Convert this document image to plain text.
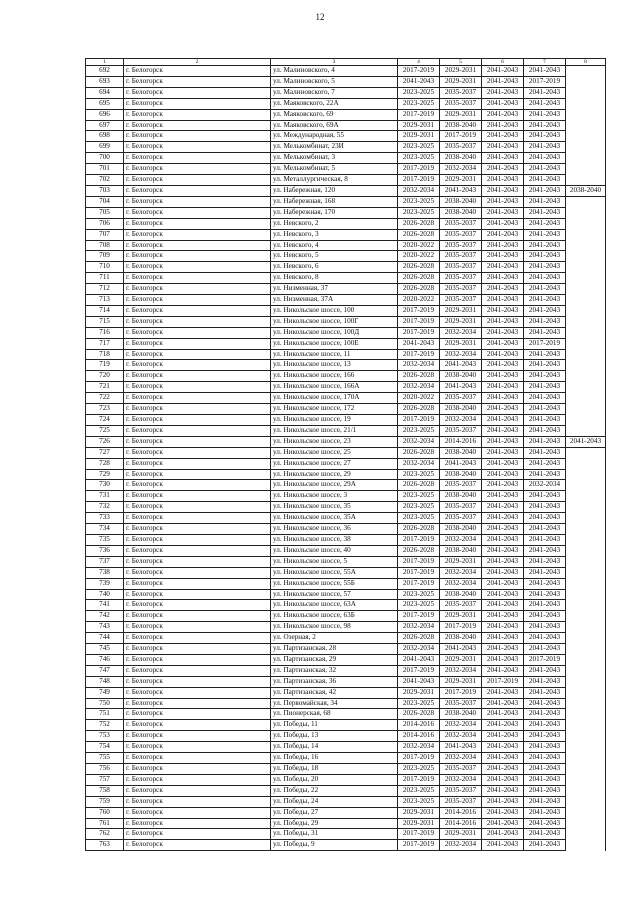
12
1	2	3	4	5	6	7	8
692	г. Белогорск	ул. Малиновского, 4	2017-2019	2029-2031	2041-2043	2041-2043	
693	г. Белогорск	ул. Малиновского, 5	2041-2043	2029-2031	2041-2043	2017-2019	
694	г. Белогорск	ул. Малиновского, 7	2023-2025	2035-2037	2041-2043	2041-2043	
695	г. Белогорск	ул. Маяковского, 22А	2023-2025	2035-2037	2041-2043	2041-2043	
696	г. Белогорск	ул. Маяковского, 69	2017-2019	2029-2031	2041-2043	2041-2043	
697	г. Белогорск	ул. Маяковского, 69А	2029-2031	2038-2040	2041-2043	2041-2043	
698	г. Белогорск	ул. Международная, 55	2029-2031	2017-2019	2041-2043	2041-2043	
699	г. Белогорск	ул. Мелькомбинат, 23И	2023-2025	2035-2037	2041-2043	2041-2043	
700	г. Белогорск	ул. Мелькомбинат, 3	2023-2025	2038-2040	2041-2043	2041-2043	
701	г. Белогорск	ул. Мелькомбинат, 5	2017-2019	2032-2034	2041-2043	2041-2043	
702	г. Белогорск	ул. Металлургическая, 8	2017-2019	2029-2031	2041-2043	2041-2043	
703	г. Белогорск	ул. Набережная, 120	2032-2034	2041-2043	2041-2043	2041-2043	2038-2040
704	г. Белогорск	ул. Набережная, 168	2023-2025	2038-2040	2041-2043	2041-2043	
705	г. Белогорск	ул. Набережная, 170	2023-2025	2038-2040	2041-2043	2041-2043	
706	г. Белогорск	ул. Невского, 2	2026-2028	2035-2037	2041-2043	2041-2043	
707	г. Белогорск	ул. Невского, 3	2026-2028	2035-2037	2041-2043	2041-2043	
708	г. Белогорск	ул. Невского, 4	2020-2022	2035-2037	2041-2043	2041-2043	
709	г. Белогорск	ул. Невского, 5	2020-2022	2035-2037	2041-2043	2041-2043	
710	г. Белогорск	ул. Невского, 6	2026-2028	2035-2037	2041-2043	2041-2043	
711	г. Белогорск	ул. Невского, 8	2026-2028	2035-2037	2041-2043	2041-2043	
712	г. Белогорск	ул. Низменная, 37	2026-2028	2035-2037	2041-2043	2041-2043	
713	г. Белогорск	ул. Низменная, 37А	2020-2022	2035-2037	2041-2043	2041-2043	
714	г. Белогорск	ул. Никольское шоссе, 100	2017-2019	2029-2031	2041-2043	2041-2043	
715	г. Белогорск	ул. Никольское шоссе, 100Г	2017-2019	2029-2031	2041-2043	2041-2043	
716	г. Белогорск	ул. Никольское шоссе, 100Д	2017-2019	2032-2034	2041-2043	2041-2043	
717	г. Белогорск	ул. Никольское шоссе, 100Е	2041-2043	2029-2031	2041-2043	2017-2019	
718	г. Белогорск	ул. Никольское шоссе, 11	2017-2019	2032-2034	2041-2043	2041-2043	
719	г. Белогорск	ул. Никольское шоссе, 13	2032-2034	2041-2043	2041-2043	2041-2043	
720	г. Белогорск	ул. Никольское шоссе, 166	2026-2028	2038-2040	2041-2043	2041-2043	
721	г. Белогорск	ул. Никольское шоссе, 166А	2032-2034	2041-2043	2041-2043	2041-2043	
722	г. Белогорск	ул. Никольское шоссе, 170А	2020-2022	2035-2037	2041-2043	2041-2043	
723	г. Белогорск	ул. Никольское шоссе, 172	2026-2028	2038-2040	2041-2043	2041-2043	
724	г. Белогорск	ул. Никольское шоссе, 19	2017-2019	2032-2034	2041-2043	2041-2043	
725	г. Белогорск	ул. Никольское шоссе, 21/1	2023-2025	2035-2037	2041-2043	2041-2043	
726	г. Белогорск	ул. Никольское шоссе, 23	2032-2034	2014-2016	2041-2043	2041-2043	2041-2043
727	г. Белогорск	ул. Никольское шоссе, 25	2026-2028	2038-2040	2041-2043	2041-2043	
728	г. Белогорск	ул. Никольское шоссе, 27	2032-2034	2041-2043	2041-2043	2041-2043	
729	г. Белогорск	ул. Никольское шоссе, 29	2023-2025	2038-2040	2041-2043	2041-2043	
730	г. Белогорск	ул. Никольское шоссе, 29А	2026-2028	2035-2037	2041-2043	2032-2034	
731	г. Белогорск	ул. Никольское шоссе, 3	2023-2025	2038-2040	2041-2043	2041-2043	
732	г. Белогорск	ул. Никольское шоссе, 35	2023-2025	2035-2037	2041-2043	2041-2043	
733	г. Белогорск	ул. Никольское шоссе, 35А	2023-2025	2035-2037	2041-2043	2041-2043	
734	г. Белогорск	ул. Никольское шоссе, 36	2026-2028	2038-2040	2041-2043	2041-2043	
735	г. Белогорск	ул. Никольское шоссе, 38	2017-2019	2032-2034	2041-2043	2041-2043	
736	г. Белогорск	ул. Никольское шоссе, 40	2026-2028	2038-2040	2041-2043	2041-2043	
737	г. Белогорск	ул. Никольское шоссе, 5	2017-2019	2029-2031	2041-2043	2041-2043	
738	г. Белогорск	ул. Никольское шоссе, 55А	2017-2019	2032-2034	2041-2043	2041-2043	
739	г. Белогорск	ул. Никольское шоссе, 55Б	2017-2019	2032-2034	2041-2043	2041-2043	
740	г. Белогорск	ул. Никольское шоссе, 57	2023-2025	2038-2040	2041-2043	2041-2043	
741	г. Белогорск	ул. Никольское шоссе, 63А	2023-2025	2035-2037	2041-2043	2041-2043	
742	г. Белогорск	ул. Никольское шоссе, 63Б	2017-2019	2029-2031	2041-2043	2041-2043	
743	г. Белогорск	ул. Никольское шоссе, 98	2032-2034	2017-2019	2041-2043	2041-2043	
744	г. Белогорск	ул. Озерная, 2	2026-2028	2038-2040	2041-2043	2041-2043	
745	г. Белогорск	ул. Партизанская, 28	2032-2034	2041-2043	2041-2043	2041-2043	
746	г. Белогорск	ул. Партизанская, 29	2041-2043	2029-2031	2041-2043	2017-2019	
747	г. Белогорск	ул. Партизанская, 32	2017-2019	2032-2034	2041-2043	2041-2043	
748	г. Белогорск	ул. Партизанская, 36	2041-2043	2029-2031	2017-2019	2041-2043	
749	г. Белогорск	ул. Партизанская, 42	2029-2031	2017-2019	2041-2043	2041-2043	
750	г. Белогорск	ул. Первомайская, 34	2023-2025	2035-2037	2041-2043	2041-2043	
751	г. Белогорск	ул. Пионерская, 68	2026-2028	2038-2040	2041-2043	2041-2043	
752	г. Белогорск	ул. Победы, 11	2014-2016	2032-2034	2041-2043	2041-2043	
753	г. Белогорск	ул. Победы, 13	2014-2016	2032-2034	2041-2043	2041-2043	
754	г. Белогорск	ул. Победы, 14	2032-2034	2041-2043	2041-2043	2041-2043	
755	г. Белогорск	ул. Победы, 16	2017-2019	2032-2034	2041-2043	2041-2043	
756	г. Белогорск	ул. Победы, 18	2023-2025	2035-2037	2041-2043	2041-2043	
757	г. Белогорск	ул. Победы, 20	2017-2019	2032-2034	2041-2043	2041-2043	
758	г. Белогорск	ул. Победы, 22	2023-2025	2035-2037	2041-2043	2041-2043	
759	г. Белогорск	ул. Победы, 24	2023-2025	2035-2037	2041-2043	2041-2043	
760	г. Белогорск	ул. Победы, 27	2029-2031	2014-2016	2041-2043	2041-2043	
761	г. Белогорск	ул. Победы, 29	2029-2031	2014-2016	2041-2043	2041-2043	
762	г. Белогорск	ул. Победы, 31	2017-2019	2029-2031	2041-2043	2041-2043	
763	г. Белогорск	ул. Победы, 9	2017-2019	2032-2034	2041-2043	2041-2043	
